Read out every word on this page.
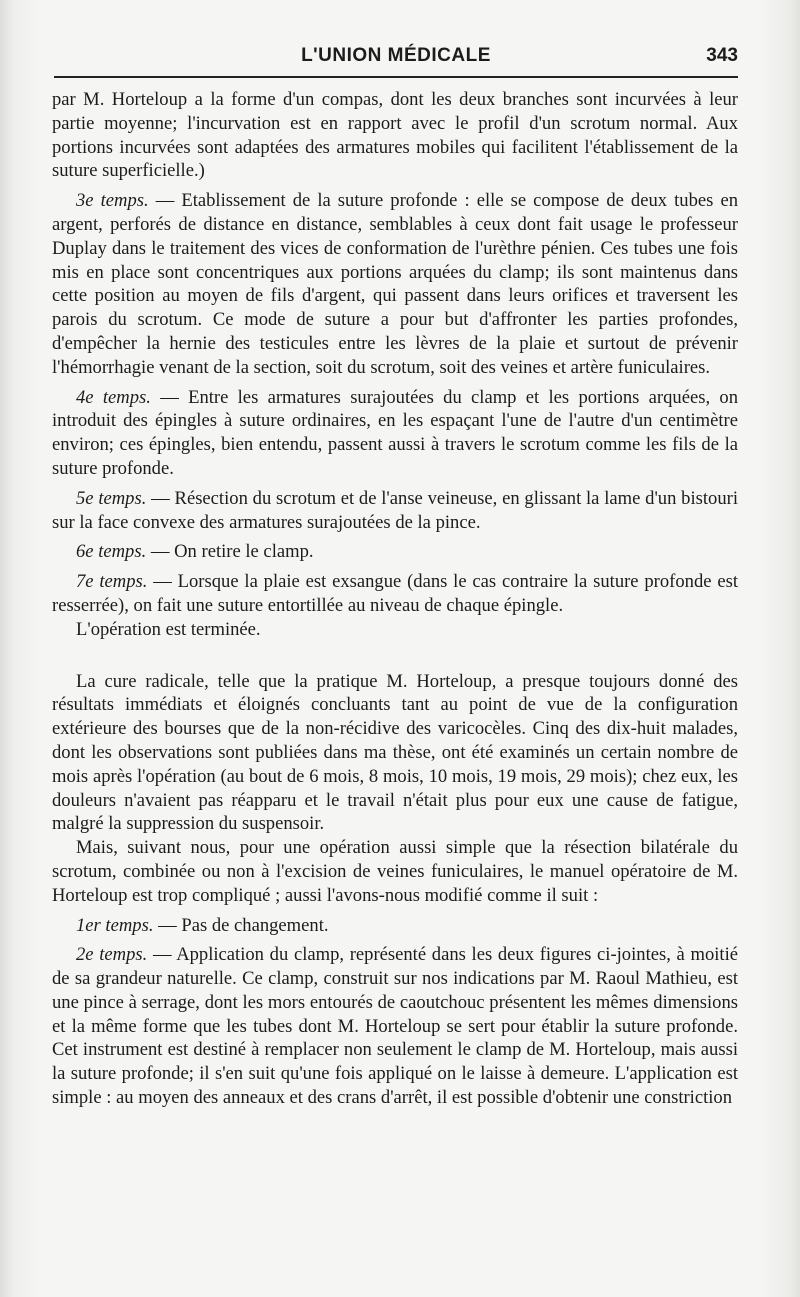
L'UNION MÉDICALE	343

par M. Horteloup a la forme d'un compas, dont les deux branches sont incurvées à leur partie moyenne; l'incurvation est en rapport avec le profil d'un scrotum normal. Aux portions incurvées sont adaptées des armatures mobiles qui facilitent l'établissement de la suture superficielle.)

3e temps. — Etablissement de la suture profonde : elle se compose de deux tubes en argent, perforés de distance en distance, semblables à ceux dont fait usage le professeur Duplay dans le traitement des vices de conformation de l'urèthre pénien. Ces tubes une fois mis en place sont concentriques aux portions arquées du clamp; ils sont maintenus dans cette position au moyen de fils d'argent, qui passent dans leurs orifices et traversent les parois du scrotum. Ce mode de suture a pour but d'affronter les parties profondes, d'empêcher la hernie des testicules entre les lèvres de la plaie et surtout de prévenir l'hémorrhagie venant de la section, soit du scrotum, soit des veines et artère funiculaires.

4e temps. — Entre les armatures surajoutées du clamp et les portions arquées, on introduit des épingles à suture ordinaires, en les espaçant l'une de l'autre d'un centimètre environ; ces épingles, bien entendu, passent aussi à travers le scrotum comme les fils de la suture profonde.

5e temps. — Résection du scrotum et de l'anse veineuse, en glissant la lame d'un bistouri sur la face convexe des armatures surajoutées de la pince.

6e temps. — On retire le clamp.

7e temps. — Lorsque la plaie est exsangue (dans le cas contraire la suture profonde est resserrée), on fait une suture entortillée au niveau de chaque épingle.

L'opération est terminée.

La cure radicale, telle que la pratique M. Horteloup, a presque toujours donné des résultats immédiats et éloignés concluants tant au point de vue de la configuration extérieure des bourses que de la non-récidive des varicocèles. Cinq des dix-huit malades, dont les observations sont publiées dans ma thèse, ont été examinés un certain nombre de mois après l'opération (au bout de 6 mois, 8 mois, 10 mois, 19 mois, 29 mois); chez eux, les douleurs n'avaient pas réapparu et le travail n'était plus pour eux une cause de fatigue, malgré la suppression du suspensoir.

Mais, suivant nous, pour une opération aussi simple que la résection bilatérale du scrotum, combinée ou non à l'excision de veines funiculaires, le manuel opératoire de M. Horteloup est trop compliqué ; aussi l'avons-nous modifié comme il suit :

1er temps. — Pas de changement.

2e temps. — Application du clamp, représenté dans les deux figures ci-jointes, à moitié de sa grandeur naturelle. Ce clamp, construit sur nos indications par M. Raoul Mathieu, est une pince à serrage, dont les mors entourés de caoutchouc présentent les mêmes dimensions et la même forme que les tubes dont M. Horteloup se sert pour établir la suture profonde. Cet instrument est destiné à remplacer non seulement le clamp de M. Horteloup, mais aussi la suture profonde; il s'en suit qu'une fois appliqué on le laisse à demeure. L'application est simple : au moyen des anneaux et des crans d'arrêt, il est possible d'obtenir une constriction
